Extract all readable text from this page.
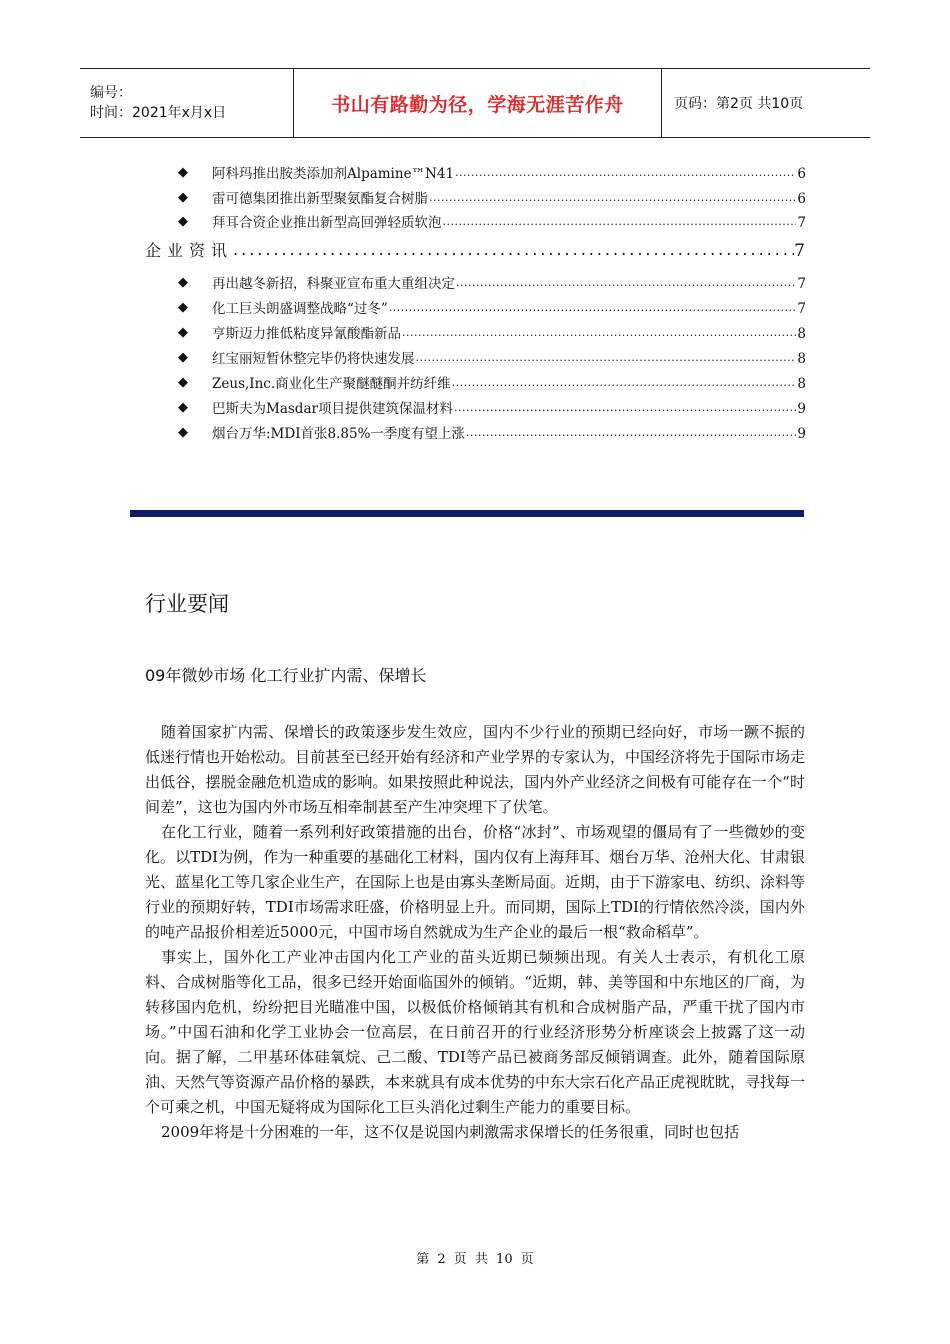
编号：
时间：2021年x月x日	书山有路勤为径，学海无涯苦作舟	页码：第2页 共10页
◆ 阿科玛推出胺类添加剂Alpamine™N41 .....	6
◆ 雷可德集团推出新型聚氨酯复合树脂 .....	6
◆ 拜耳合资企业推出新型高回弹轻质软泡 .....	7
企业资讯 .....	7
◆ 再出越冬新招，科聚亚宣布重大重组决定 .....	7
◆ 化工巨头朗盛调整战略“过冬” .....	7
◆ 亨斯迈力推低粘度异氰酸酯新品 .....	8
◆ 红宝丽短暂休整完毕仍将快速发展 .....	8
◆ Zeus,Inc.商业化生产聚醚醚酮并纺纤维 .....	8
◆ 巴斯夫为Masdar项目提供建筑保温材料 .....	9
◆ 烟台万华:MDI首张8.85%一季度有望上涨 .....	9
行业要闻
09年微妙市场 化工行业扩内需、保增长

随着国家扩内需、保增长的政策逐步发生效应，国内不少行业的预期已经向好，市场一蹶不振的低迷行情也开始松动。目前甚至已经开始有经济和产业学界的专家认为，中国经济将先于国际市场走出低谷，摆脱金融危机造成的影响。如果按照此种说法，国内外产业经济之间极有可能存在一个“时间差”，这也为国内外市场互相牵制甚至产生冲突埋下了伏笔。

在化工行业，随着一系列利好政策措施的出台，价格“冰封”、市场观望的僵局有了一些微妙的变化。以TDI为例，作为一种重要的基础化工材料，国内仅有上海拜耳、烟台万华、沧州大化、甘肃银光、蓝星化工等几家企业生产，在国际上也是由寡头垄断局面。近期，由于下游家电、纺织、涂料等行业的预期好转，TDI市场需求旺盛，价格明显上升。而同期，国际上TDI的行情依然冷淡，国内外的吨产品报价相差近5000元，中国市场自然就成为生产企业的最后一根“救命稻草”。

事实上，国外化工产业冲击国内化工产业的苗头近期已频频出现。有关人士表示，有机化工原料、合成树脂等化工品，很多已经开始面临国外的倾销。“近期，韩、美等国和中东地区的厂商，为转移国内危机，纷纷把目光瞄准中国，以极低价格倾销其有机和合成树脂产品，严重干扰了国内市场。”中国石油和化学工业协会一位高层，在日前召开的行业经济形势分析座谈会上披露了这一动向。据了解，二甲基环体硅氧烷、己二酸、TDI等产品已被商务部反倾销调查。此外，随着国际原油、天然气等资源产品价格的暴跌，本来就具有成本优势的中东大宗石化产品正虎视眈眈，寻找每一个可乘之机，中国无疑将成为国际化工巨头消化过剩生产能力的重要目标。

2009年将是十分困难的一年，这不仅是说国内刺激需求保增长的任务很重，同时也包括

第 2 页 共 10 页
